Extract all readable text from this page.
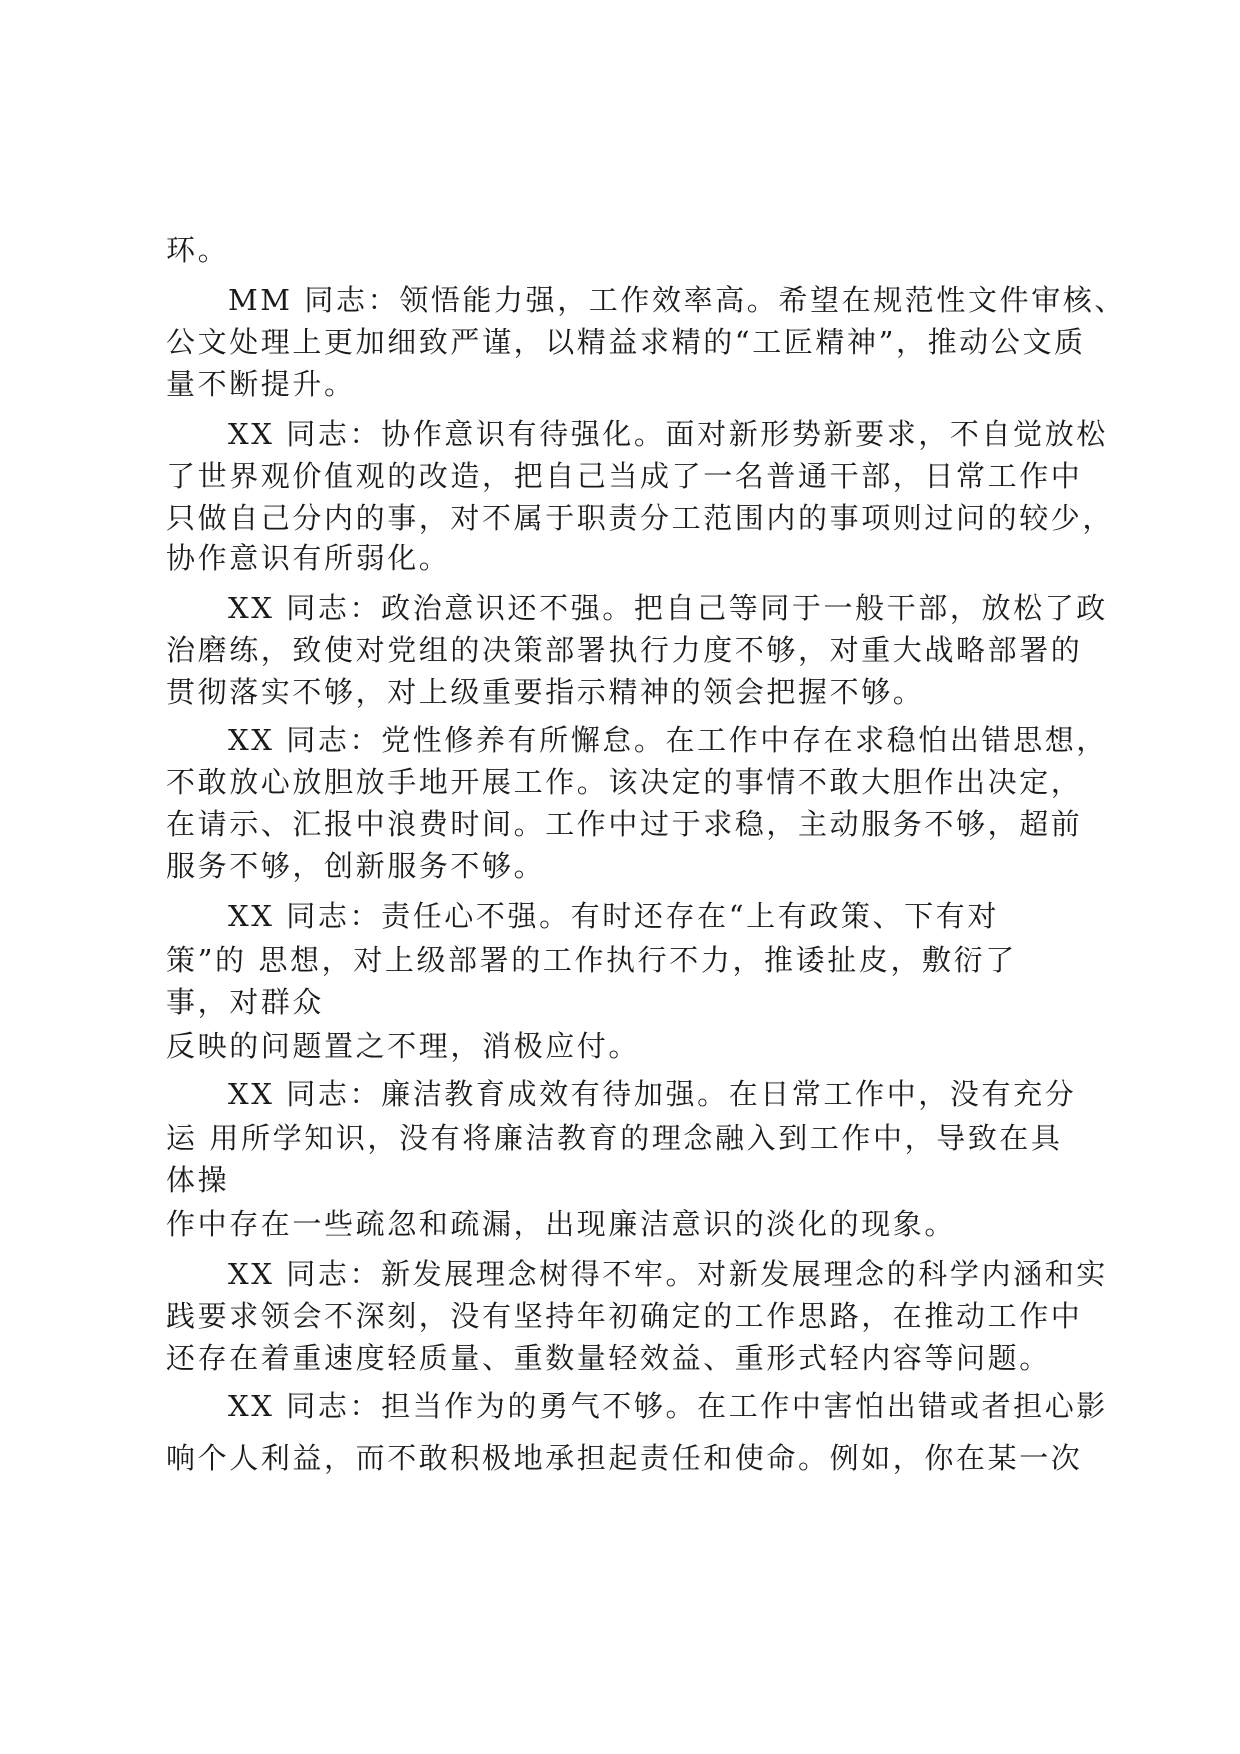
环。
MM 同志：领悟能力强，工作效率高。希望在规范性文件审核、
公文处理上更加细致严谨，以精益求精的“工匠精神”，推动公文质
量不断提升。
XX 同志：协作意识有待强化。面对新形势新要求，不自觉放松
了世界观价值观的改造，把自己当成了一名普通干部，日常工作中
只做自己分内的事，对不属于职责分工范围内的事项则过问的较少，
协作意识有所弱化。
XX 同志：政治意识还不强。把自己等同于一般干部，放松了政
治磨练，致使对党组的决策部署执行力度不够，对重大战略部署的
贯彻落实不够，对上级重要指示精神的领会把握不够。
XX 同志：党性修养有所懈怠。在工作中存在求稳怕出错思想，
不敢放心放胆放手地开展工作。该决定的事情不敢大胆作出决定，
在请示、汇报中浪费时间。工作中过于求稳，主动服务不够，超前
服务不够，创新服务不够。
XX 同志：责任心不强。有时还存在“上有政策、下有对
策”的 思想，对上级部署的工作执行不力，推诿扯皮，敷衍了
事，对群众
反映的问题置之不理，消极应付。
XX 同志：廉洁教育成效有待加强。在日常工作中，没有充分
运 用所学知识，没有将廉洁教育的理念融入到工作中，导致在具
体操
作中存在一些疏忽和疏漏，出现廉洁意识的淡化的现象。
XX 同志：新发展理念树得不牢。对新发展理念的科学内涵和实
践要求领会不深刻，没有坚持年初确定的工作思路，在推动工作中
还存在着重速度轻质量、重数量轻效益、重形式轻内容等问题。
XX 同志：担当作为的勇气不够。在工作中害怕出错或者担心影
响个人利益，而不敢积极地承担起责任和使命。例如，你在某一次
